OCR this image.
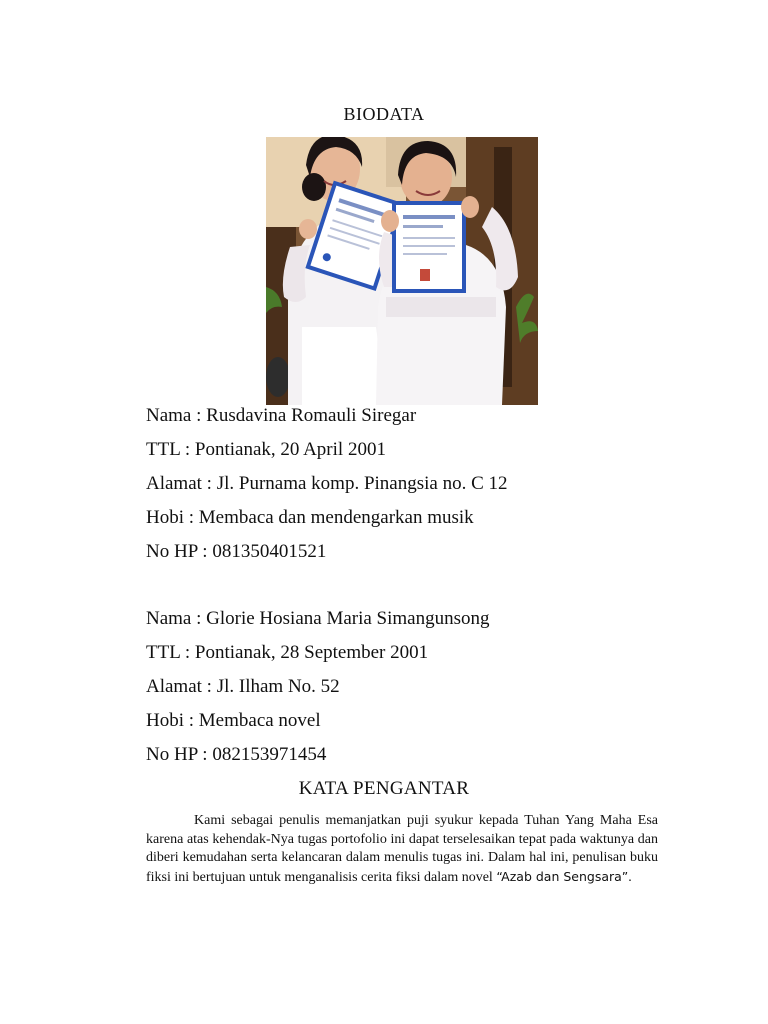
BIODATA
Nama : Rusdavina Romauli Siregar
TTL : Pontianak, 20 April 2001
Alamat : Jl. Purnama komp. Pinangsia no. C 12
Hobi : Membaca dan mendengarkan musik
No HP : 081350401521
Nama : Glorie Hosiana Maria Simangunsong
TTL : Pontianak, 28 September 2001
Alamat : Jl. Ilham No. 52
Hobi : Membaca novel
No HP : 082153971454
KATA PENGANTAR
Kami sebagai penulis memanjatkan puji syukur kepada Tuhan Yang Maha Esa karena atas kehendak-Nya tugas portofolio ini dapat terselesaikan tepat pada waktunya dan diberi kemudahan serta kelancaran dalam menulis tugas ini. Dalam hal ini, penulisan buku fiksi ini bertujuan untuk menganalisis cerita fiksi dalam novel “Azab dan Sengsara”.
